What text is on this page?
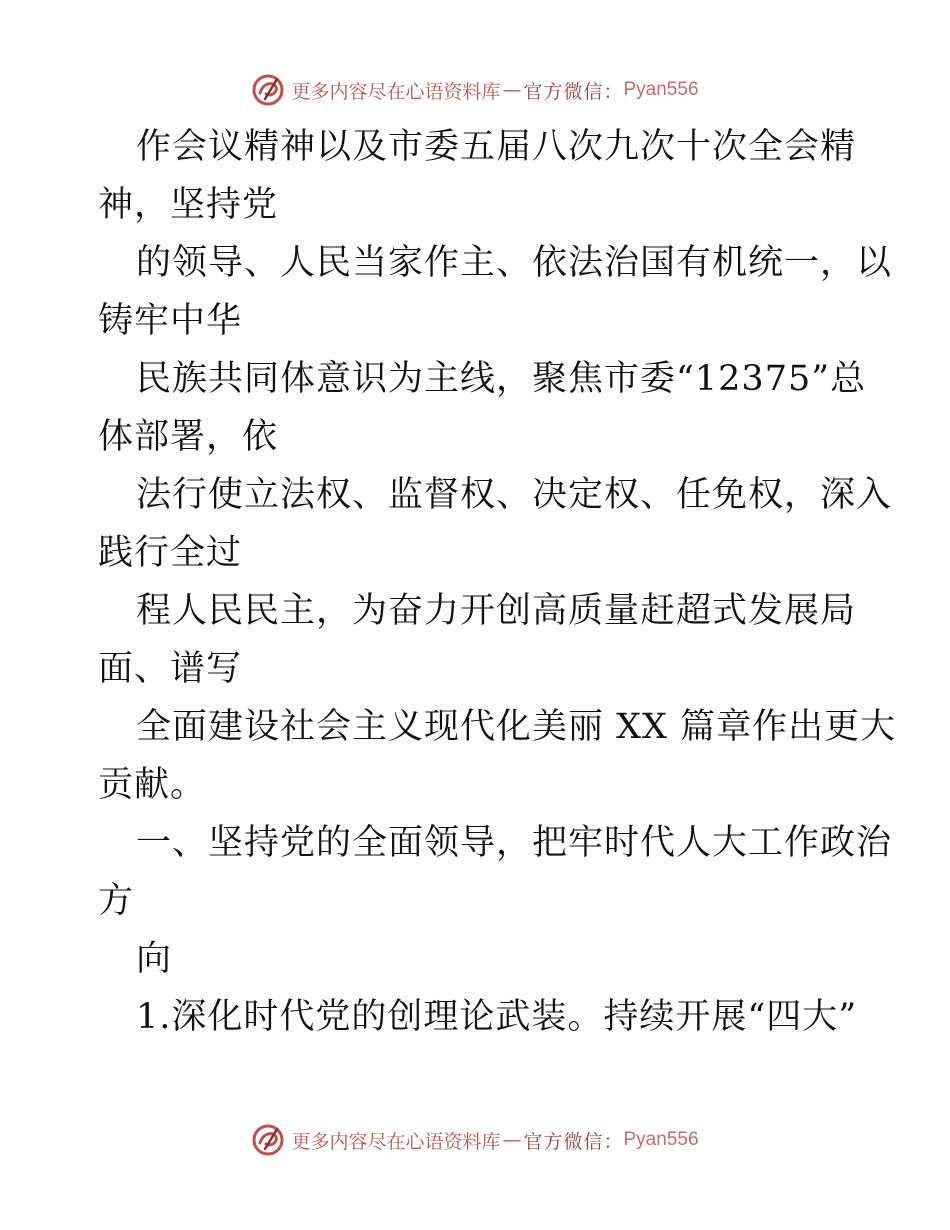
更多内容尽在心语资料库 — 官方微信： Pyan556
作会议精神以及市委五届八次九次十次全会精
神，坚持党
的领导、人民当家作主、依法治国有机统一，以
铸牢中华
民族共同体意识为主线，聚焦市委“12375”总
体部署，依
法行使立法权、监督权、决定权、任免权，深入
践行全过
程人民民主，为奋力开创高质量赶超式发展局
面、谱写
全面建设社会主义现代化美丽 XX 篇章作出更大
贡献。
一、坚持党的全面领导，把牢时代人大工作政治
方
向
1.深化时代党的创理论武装。持续开展“四大”
更多内容尽在心语资料库 — 官方微信： Pyan556
